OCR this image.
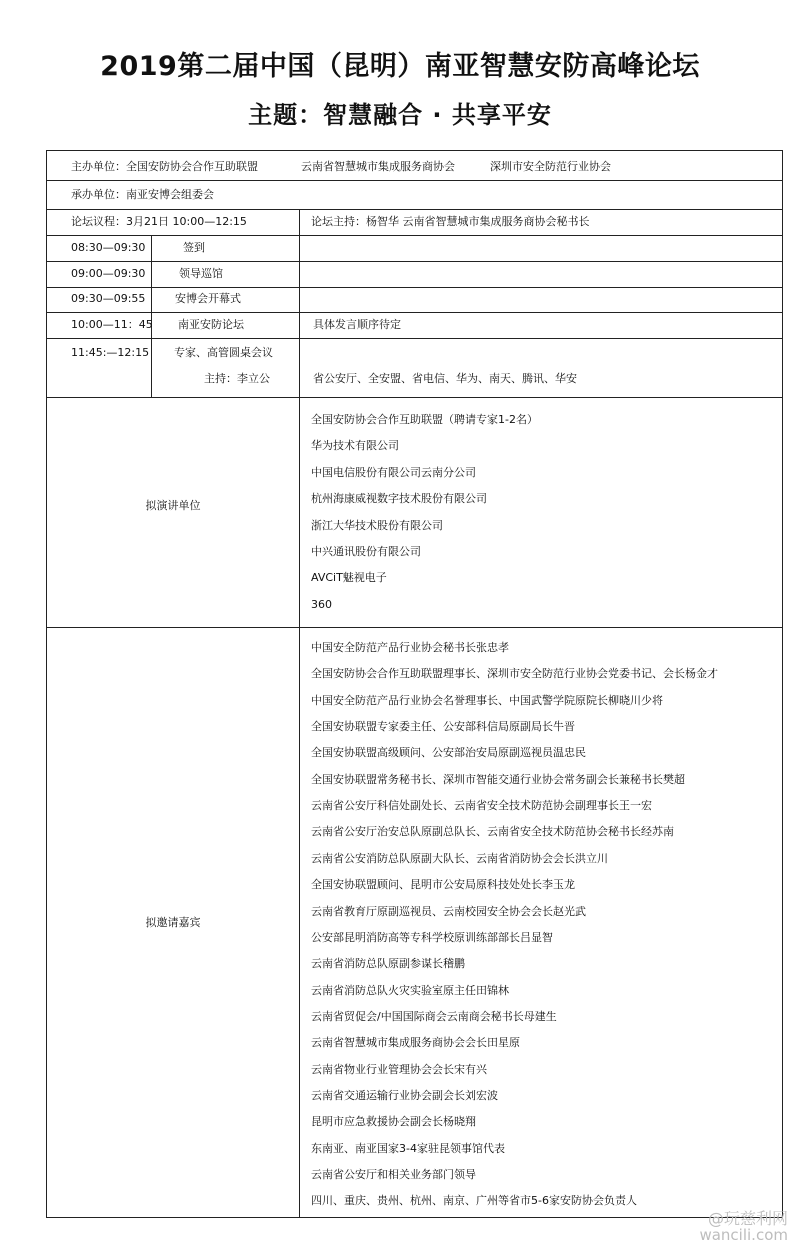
2019第二届中国（昆明）南亚智慧安防高峰论坛
主题：智慧融合 · 共享平安
主办单位：全国安防协会合作互助联盟	云南省智慧城市集成服务商协会	深圳市安全防范行业协会
承办单位：南亚安博会组委会
论坛议程：3月21日 10:00—12:15	论坛主持：杨智华 云南省智慧城市集成服务商协会秘书长
08:30—09:30	签到
09:00—09:30	领导巡馆
09:30—09:55	安博会开幕式
10:00—11：45 南亚安防论坛	具体发言顺序待定
11:45:—12:15 专家、高管圆桌会议
主持：李立公	省公安厅、全安盟、省电信、华为、南天、腾讯、华安
拟演讲单位
全国安防协会合作互助联盟（聘请专家1-2名）
华为技术有限公司
中国电信股份有限公司云南分公司
杭州海康威视数字技术股份有限公司
浙江大华技术股份有限公司
中兴通讯股份有限公司
AVCiT魅视电子
360
拟邀请嘉宾
中国安全防范产品行业协会秘书长张忠孝
全国安防协会合作互助联盟理事长、深圳市安全防范行业协会党委书记、会长杨金才
中国安全防范产品行业协会名誉理事长、中国武警学院原院长柳晓川少将
全国安协联盟专家委主任、公安部科信局原副局长牛晋
全国安协联盟高级顾问、公安部治安局原副巡视员温忠民
全国安协联盟常务秘书长、深圳市智能交通行业协会常务副会长兼秘书长樊超
云南省公安厅科信处副处长、云南省安全技术防范协会副理事长王一宏
云南省公安厅治安总队原副总队长、云南省安全技术防范协会秘书长经苏南
云南省公安消防总队原副大队长、云南省消防协会会长洪立川
全国安协联盟顾问、昆明市公安局原科技处处长李玉龙
云南省教育厅原副巡视员、云南校园安全协会会长赵光武
公安部昆明消防高等专科学校原训练部部长吕显智
云南省消防总队原副参谋长稽鹏
云南省消防总队火灾实验室原主任田锦林
云南省贸促会/中国国际商会云南商会秘书长母建生
云南省智慧城市集成服务商协会会长田星原
云南省物业行业管理协会会长宋有兴
云南省交通运输行业协会副会长刘宏波
昆明市应急救援协会副会长杨晓翔
东南亚、南亚国家3-4家驻昆领事馆代表
云南省公安厅和相关业务部门领导
四川、重庆、贵州、杭州、南京、广州等省市5-6家安防协会负责人
@玩慈利网
wancili.com
